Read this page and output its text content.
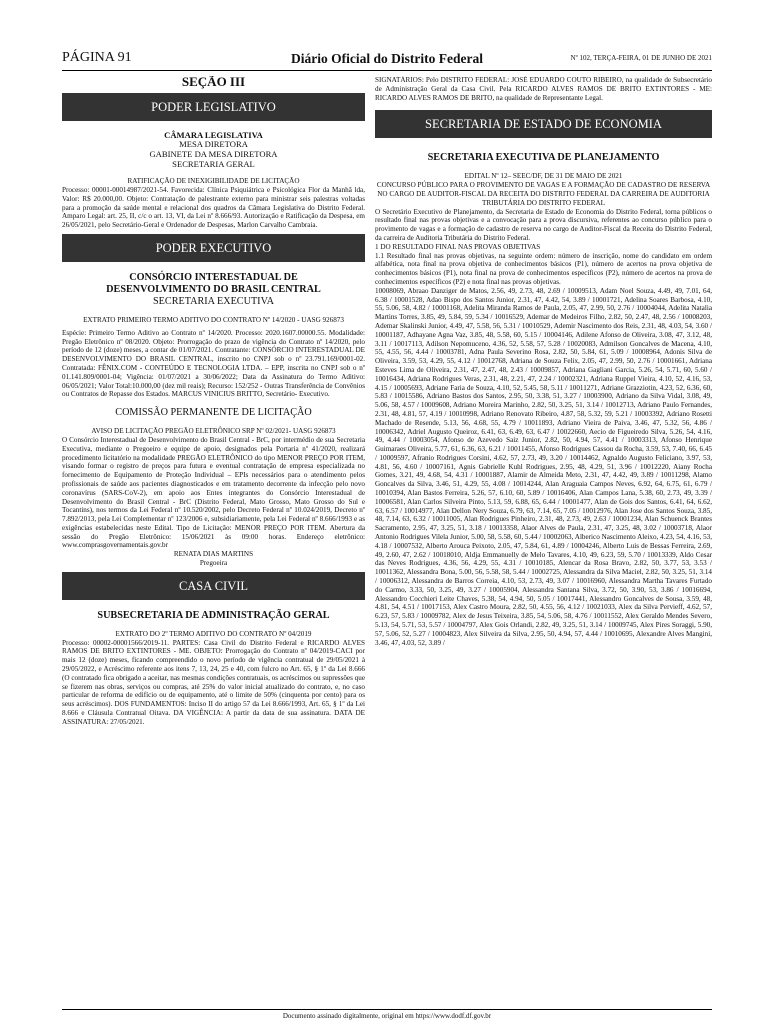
PÁGINA 91	Diário Oficial do Distrito Federal	Nº 102, TERÇA-FEIRA, 01 DE JUNHO DE 2021
SEÇÃO III
PODER LEGISLATIVO
CÂMARA LEGISLATIVA
MESA DIRETORA
GABINETE DA MESA DIRETORA
SECRETARIA GERAL
RATIFICAÇÃO DE INEXIGIBILIDADE DE LICITAÇÃO
Processo: 00001-00014987/2021-54. Favorecida: Clínica Psiquiátrica e Psicológica Flor da Manhã lda, Valor: R$ 20.000,00. Objeto: Contratação de palestrante externo para ministrar seis palestras voltadas para a promoção da saúde mental e relacional dos quadros da Câmara Legislativa do Distrito Federal. Amparo Legal: art. 25, II, c/c o art. 13, VI, da Lei nº 8.666/93. Autorização e Ratificação da Despesa, em 26/05/2021, pelo Secretário-Geral e Ordenador de Despesas, Marlon Carvalho Cambraia.
PODER EXECUTIVO
CONSÓRCIO INTERESTADUAL DE
DESENVOLVIMENTO DO BRASIL CENTRAL
SECRETARIA EXECUTIVA
EXTRATO PRIMEIRO TERMO ADITIVO DO CONTRATO Nº 14/2020 - UASG 926873
Espécie: Primeiro Termo Aditivo ao Contrato nº 14/2020. Processo: 2020.1607.00000.55. Modalidade: Pregão Eletrônico nº 08/2020. Objeto: Prorrogação do prazo de vigência do Contrato nº 14/2020, pelo período de 12 (doze) meses, a contar de 01/07/2021. Contratante: CONSÓRCIO INTERESTADUAL DE DESENVOLVIMENTO DO BRASIL CENTRAL, inscrito no CNPJ sob o nº 23.791.169/0001-02. Contratada: FÊNIX.COM - CONTEÚDO E TECNOLOGIA LTDA. – EPP, inscrita no CNPJ sob o nº 01.141.809/0001-04; Vigência: 01/07/2021 a 30/06/2022; Data da Assinatura do Termo Aditivo: 06/05/2021; Valor Total:10.000,00 (dez mil reais); Recurso: 152/252 - Outras Transferência de Convênios ou Contratos de Repasse dos Estados. MARCUS VINICIUS BRITTO, Secretário- Executivo.
COMISSÃO PERMANENTE DE LICITAÇÃO
AVISO DE LICITAÇÃO PREGÃO ELETRÔNICO SRP Nº 02/2021- UASG 926873
O Consórcio Interestadual de Desenvolvimento do Brasil Central - BrC, por intermédio de sua Secretaria Executiva, mediante o Pregoeiro e equipe de apoio, designados pela Portaria nº 41/2020, realizará procedimento licitatório na modalidade PREGÃO ELETRÔNICO do tipo MENOR PREÇO POR ITEM, visando formar o registro de preços para futura e eventual contratação de empresa especializada no fornecimento de Equipamento de Proteção Individual – EPIs necessários para o atendimento pelos profissionais de saúde aos pacientes diagnosticados e em tratamento decorrente da infecção pelo novo coronavírus (SARS-CoV-2), em apoio aos Entes integrantes do Consórcio Interestadual de Desenvolvimento do Brasil Central - BrC (Distrito Federal, Mato Grosso, Mato Grosso do Sul e Tocantins), nos termos da Lei Federal nº 10.520/2002, pelo Decreto Federal nº 10.024/2019, Decreto nº 7.892/2013, pela Lei Complementar nº 123/2006 e, subsidiariamente, pela Lei Federal nº 8.666/1993 e as exigências estabelecidas neste Edital. Tipo de Licitação: MENOR PREÇO POR ITEM. Abertura da sessão do Pregão Eletrônico: 15/06/2021 às 09:00 horas. Endereço eletrônico: www.comprasgovernamentais.gov.br
RENATA DIAS MARTINS
Pregoeira
CASA CIVIL
SUBSECRETARIA DE ADMINISTRAÇÃO GERAL
EXTRATO DO 2º TERMO ADITIVO DO CONTRATO Nº 04/2019
Processo: 00002-00001566/2019-11. PARTES: Casa Civil do Distrito Federal e RICARDO ALVES RAMOS DE BRITO EXTINTORES - ME. OBJETO: Prorrogação do Contrato nº 04/2019-CACI por mais 12 (doze) meses, ficando compreendido o novo período de vigência contratual de 29/05/2021 à 29/05/2022, e Acréscimo referente aos itens 7, 13, 24, 25 e 40, com fulcro no Art. 65, § 1º da Lei 8.666 (O contratado fica obrigado a aceitar, nas mesmas condições contratuais, os acréscimos ou supressões que se fizerem nas obras, serviços ou compras, até 25% do valor inicial atualizado do contrato, e, no caso particular de reforma de edifício ou de equipamento, até o limite de 50% (cinquenta por cento) para os seus acréscimos). DOS FUNDAMENTOS: Inciso II do artigo 57 da Lei 8.666/1993, Art. 65, § 1º da Lei 8.666 e Cláusula Contratual Oitava. DA VIGÊNCIA: A partir da data de sua assinatura. DATA DE ASSINATURA: 27/05/2021.
SIGNATÁRIOS: Pelo DISTRITO FEDERAL: JOSÉ EDUARDO COUTO RIBEIRO, na qualidade de Subsecretário de Administração Geral da Casa Civil. Pela RICARDO ALVES RAMOS DE BRITO EXTINTORES - ME: RICARDO ALVES RAMOS DE BRITO, na qualidade de Representante Legal.
SECRETARIA DE ESTADO DE ECONOMIA
SECRETARIA EXECUTIVA DE PLANEJAMENTO
EDITAL Nº 12– SEEC/DF, DE 31 DE MAIO DE 2021
CONCURSO PÚBLICO PARA O PROVIMENTO DE VAGAS E A FORMAÇÃO DE CADASTRO DE RESERVA NO CARGO DE AUDITOR-FISCAL DA RECEITA DO DISTRITO FEDERAL DA CARREIRA DE AUDITORIA TRIBUTÁRIA DO DISTRITO FEDERAL
O Secretário Executivo de Planejamento, da Secretaria de Estado de Economia do Distrito Federal, torna públicos o resultado final nas provas objetivas e a convocação para a prova discursiva, referentes ao concurso público para o provimento de vagas e a formação de cadastro de reserva no cargo de Auditor-Fiscal da Receita do Distrito Federal, da carreira de Auditoria Tributária do Distrito Federal.
1 DO RESULTADO FINAL NAS PROVAS OBJETIVAS
1.1 Resultado final nas provas objetivas, na seguinte ordem: número de inscrição, nome do candidato em ordem alfabética, nota final na prova objetiva de conhecimentos básicos (P1), número de acertos na prova objetiva de conhecimentos básicos (P1), nota final na prova de conhecimentos específicos (P2), número de acertos na prova de conhecimentos específicos (P2) e nota final nas provas objetivas.
10008069, Abraao Danziger de Matos, 2.56, 49, 2.73, 48, 2.69 / 10009513, Adam Noel Souza, 4.49, 49, 7.01, 64, 6.38 / 10001528, Adao Bispo dos Santos Junior, 2.31, 47, 4.42, 54, 3.89 / 10001721, Adelina Soares Barbosa, 4.10, 55, 5.06, 58, 4.82 / 10001168, Adelita Miranda Ramos de Paula, 2.05, 47, 2.99, 50, 2.76 / 10004044, Adelita Natalia Martins Torres, 3.85, 49, 5.84, 59, 5.34 / 10016529, Ademar de Medeiros Filho, 2.82, 50, 2.47, 48, 2.56 / 10008203, Ademar Skalinski Junior, 4.49, 47, 5.58, 56, 5.31 / 10010529, Ademir Nascimento dos Reis, 2.31, 48, 4.03, 54, 3.60 / 10001187, Adhayane Agna Vaz, 3.85, 48, 5.58, 60, 5.15 / 10004146, Adilene Afonso de Oliveira, 3.08, 47, 3.12, 48, 3.11 / 10017113, Adilson Nepomuceno, 4.36, 52, 5.58, 57, 5.28 / 10020083, Admilson Goncalves de Macena, 4.10, 55, 4.55, 56, 4.44 / 10003781, Adna Paula Severino Rosa, 2.82, 50, 5.84, 61, 5.09 / 10008964, Adonis Silva de Oliveira, 3.59, 53, 4.29, 55, 4.12 / 10012768, Adriana de Souza Felix, 2.05, 47, 2.99, 50, 2.76 / 10001661, Adriana Esteves Lima de Oliveira, 2.31, 47, 2.47, 48, 2.43 / 10009857, Adriana Gagliani Garcia, 5.26, 54, 5.71, 60, 5.60 / 10016434, Adriana Rodrigues Veras, 2.31, 48, 2.21, 47, 2.24 / 10002321, Adriana Ruppel Vieira, 4.10, 52, 4.16, 53, 4.15 / 10005693, Adriane Faria de Souza, 4.10, 52, 5.45, 58, 5.11 / 10011271, Adriane Grazziotin, 4.23, 52, 6.36, 60, 5.83 / 10015586, Adriano Bastos dos Santos, 2.95, 50, 3.38, 51, 3.27 / 10003900, Adriano da Silva Vidal, 3.08, 49, 5.06, 58, 4.57 / 10009608, Adriano Moreira Marinho, 2.82, 50, 3.25, 51, 3.14 / 10012713, Adriano Paulo Fernandes, 2.31, 48, 4.81, 57, 4.19 / 10010998, Adriano Renovato Ribeiro, 4.87, 58, 5.32, 59, 5.21 / 10003392, Adriano Rosetti Machado de Resende, 5.13, 56, 4.68, 55, 4.79 / 10011893, Adriano Vieira de Paiva, 3.46, 47, 5.32, 56, 4.86 / 10006342, Adriel Augusto Queiroz, 6.41, 63, 6.49, 63, 6.47 / 10022660, Aecio de Figueiredo Silva, 5.26, 54, 4.16, 49, 4.44 / 10003054, Afonso de Azevedo Saiz Junior, 2.82, 50, 4.94, 57, 4.41 / 10003313, Afonso Henrique Guimaraes Oliveira, 5.77, 61, 6.36, 63, 6.21 / 10011455, Afonso Rodrigues Cassou da Rocha, 3.59, 53, 7.40, 66, 6.45 / 10009597, Afranio Rodrigues Corsini, 4.62, 57, 2.73, 49, 3.20 / 10014462, Agnaldo Augusto Feliciano, 3.97, 53, 4.81, 56, 4.60 / 10007161, Agnis Gabrielle Kuhl Rodrigues, 2.95, 48, 4.29, 51, 3.96 / 10012220, Aiany Rocha Gomes, 3.21, 49, 4.68, 54, 4.31 / 10001887, Alamir de Almeida Meto, 2.31, 47, 4.42, 49, 3.89 / 10011298, Alamo Goncalves da Silva, 3.46, 51, 4.29, 55, 4.08 / 10014244, Alan Araguaia Campos Neves, 6.92, 64, 6.75, 61, 6.79 / 10010394, Alan Bastos Ferreira, 5.26, 57, 6.10, 60, 5.89 / 10016406, Alan Campos Lana, 5.38, 60, 2.73, 49, 3.39 / 10006581, Alan Carlos Silveira Pinto, 5.13, 59, 6.88, 65, 6.44 / 10001477, Alan de Gois dos Santos, 6.41, 64, 6.62, 63, 6.57 / 10014977, Alan Dellon Nery Souza, 6.79, 63, 7.14, 65, 7.05 / 10012976, Alan Jose dos Santos Souza, 3.85, 48, 7.14, 63, 6.32 / 10011005, Alan Rodrigues Pinheiro, 2.31, 48, 2.73, 49, 2.63 / 10001234, Alan Schuenck Brantes Sacramento, 2.95, 47, 3.25, 51, 3.18 / 10013358, Alaor Alves de Paula, 2.31, 47, 3.25, 48, 3.02 / 10003718, Alaor Antonio Rodrigues Vilela Junior, 5.00, 58, 5.58, 60, 5.44 / 10002063, Alberico Nascimento Aleixo, 4.23, 54, 4.16, 53, 4.18 / 10007532, Alberto Arouca Peixoto, 2.05, 47, 5.84, 61, 4.89 / 10004246, Alberto Luis de Bessas Ferreira, 2.69, 49, 2.60, 47, 2.62 / 10018010, Aldja Emmanuelly de Melo Tavares, 4.10, 49, 6.23, 59, 5.70 / 10013339, Aldo Cesar das Neves Rodrigues, 4.36, 56, 4.29, 55, 4.31 / 10010185, Alencar da Rosa Bravo, 2.82, 50, 3.77, 53, 3.53 / 10011362, Alessandra Bona, 5.00, 56, 5.58, 58, 5.44 / 10002725, Alessandra da Silva Maciel, 2.82, 50, 3.25, 51, 3.14 / 10006312, Alessandra de Barros Correia, 4.10, 53, 2.73, 49, 3.07 / 10016960, Alessandra Martha Tavares Furtado do Carmo, 3.33, 50, 3.25, 49, 3.27 / 10005904, Alessandra Santana Silva, 3.72, 50, 3.90, 53, 3.86 / 10016694, Alessandro Cocchieri Leite Chaves, 5.38, 54, 4.94, 50, 5.05 / 10017441, Alessandro Goncalves de Sousa, 3.59, 48, 4.81, 54, 4.51 / 10017153, Alex Castro Moura, 2.82, 50, 4.55, 56, 4.12 / 10021033, Alex da Silva Pervieff, 4.62, 57, 6.23, 57, 5.83 / 10009782, Alex de Jesus Teixeira, 3.85, 54, 5.06, 58, 4.76 / 10011552, Alex Geraldo Mendes Severo, 5.13, 54, 5.71, 53, 5.57 / 10004797, Alex Gois Orlandi, 2.82, 49, 3.25, 51, 3.14 / 10009745, Alex Pires Soraggi, 5.90, 57, 5.06, 52, 5.27 / 10004823, Alex Silveira da Silva, 2.95, 50, 4.94, 57, 4.44 / 10010695, Alexandre Alves Mangini, 3.46, 47, 4.03, 52, 3.89 /
Documento assinado digitalmente, original em https://www.dodf.df.gov.br
